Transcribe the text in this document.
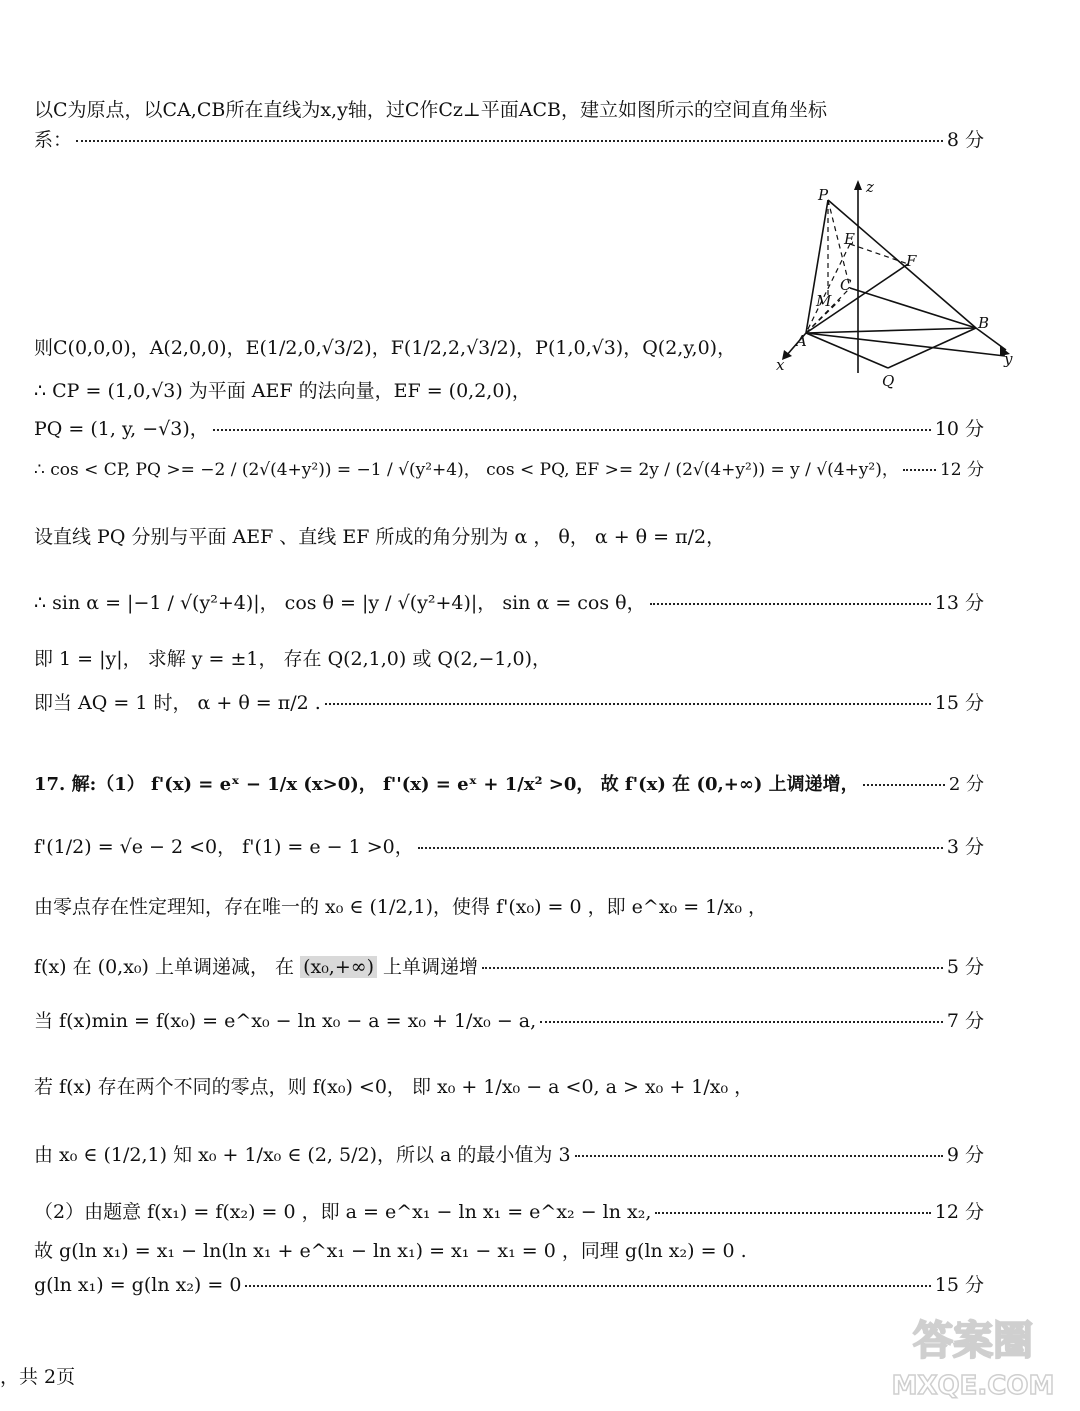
以C为原点，以CA,CB所在直线为x,y轴，过C作Cz⊥平面ACB，建立如图所示的空间直角坐标
系：	8 分
P	z
E
F
C
M
B
A
x	y
Q
则C(0,0,0)，A(2,0,0)，E(1/2,0,√3/2)，F(1/2,2,√3/2)，P(1,0,√3)，Q(2,y,0)，
∴ CP = (1,0,√3) 为平面 AEF 的法向量，EF = (0,2,0)，
PQ = (1, y, −√3)，	10 分
∴ cos < CP, PQ >= −2 / (2√(4+y²)) = −1 / √(y²+4)， cos < PQ, EF >= 2y / (2√(4+y²)) = y / √(4+y²)， 12 分
设直线 PQ 分别与平面 AEF 、直线 EF 所成的角分别为 α ， θ， α + θ = π/2，
∴ sin α = |−1 / √(y²+4)|， cos θ = |y / √(y²+4)|， sin α = cos θ，	13 分
即 1 = |y|， 求解 y = ±1， 存在 Q(2,1,0) 或 Q(2,−1,0)，
即当 AQ = 1 时， α + θ = π/2 .	15 分
17. 解:（1） f'(x) = eˣ − 1/x (x>0)， f''(x) = eˣ + 1/x² >0， 故 f'(x) 在 (0,+∞) 上调递增，	2 分
f'(1/2) = √e − 2 <0， f'(1) = e − 1 >0，	3 分
由零点存在性定理知，存在唯一的 x₀ ∈ (1/2,1)，使得 f'(x₀) = 0 ，即 e^x₀ = 1/x₀ ，
f(x) 在 (0,x₀) 上单调递减， 在 (x₀,+∞) 上单调递增	5 分
当 f(x)min = f(x₀) = e^x₀ − ln x₀ − a = x₀ + 1/x₀ − a,	7 分
若 f(x) 存在两个不同的零点，则 f(x₀) <0， 即 x₀ + 1/x₀ − a <0, a > x₀ + 1/x₀ ，
由 x₀ ∈ (1/2,1) 知 x₀ + 1/x₀ ∈ (2, 5/2)，所以 a 的最小值为 3	9 分
（2）由题意 f(x₁) = f(x₂) = 0 ，即 a = e^x₁ − ln x₁ = e^x₂ − ln x₂,	12 分
故 g(ln x₁) = x₁ − ln(ln x₁ + e^x₁ − ln x₁) = x₁ − x₁ = 0 ，同理 g(ln x₂) = 0 .
g(ln x₁) = g(ln x₂) = 0	15 分
，共 2页
答案圈
MXQE.COM
